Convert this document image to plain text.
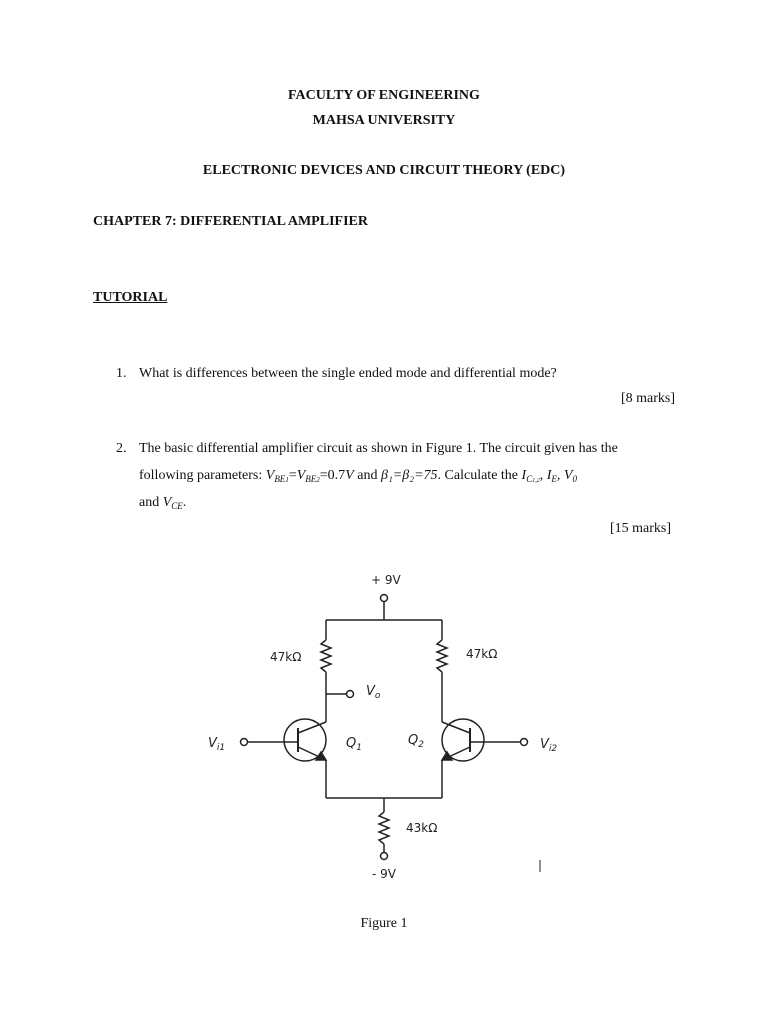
FACULTY OF ENGINEERING
MAHSA UNIVERSITY
ELECTRONIC DEVICES AND CIRCUIT THEORY (EDC)
CHAPTER 7: DIFFERENTIAL AMPLIFIER
TUTORIAL
1. What is differences between the single ended mode and differential mode?
[8 marks]
2. The basic differential amplifier circuit as shown in Figure 1. The circuit given has the
following parameters: $V_{BE1}=V_{BE2}=0.7V$ and β₁=β₂=75. Calculate the $I_{C1,2}$, $I_E$, $V_0$
and $V_{CE}$.
[15 marks]
+ 9V
47kΩ	47kΩ
43kΩ
- 9V
$V_o$
$V_{i1}$	$V_{i2}$
$Q_1$	$Q_2$
Figure 1
